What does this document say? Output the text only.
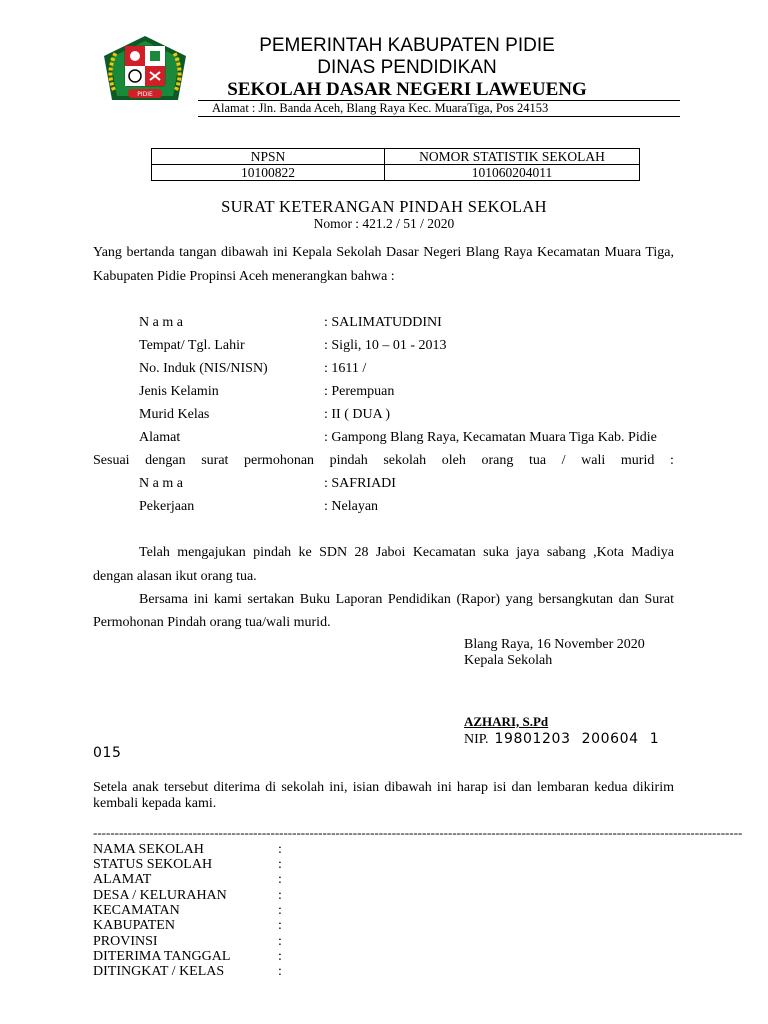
PIDIE
PEMERINTAH KABUPATEN PIDIE
DINAS PENDIDIKAN
SEKOLAH DASAR NEGERI LAWEUENG
Alamat : Jln. Banda Aceh, Blang Raya Kec. MuaraTiga, Pos 24153
NPSN	NOMOR STATISTIK SEKOLAH
10100822	101060204011
SURAT KETERANGAN PINDAH SEKOLAH
Nomor : 421.2 / 51 / 2020
Yang bertanda tangan dibawah ini Kepala Sekolah Dasar Negeri Blang Raya Kecamatan Muara Tiga,
Kabupaten Pidie Propinsi Aceh menerangkan bahwa :
N a m a	: SALIMATUDDINI
Tempat/ Tgl. Lahir	: Sigli, 10 – 01 - 2013
No. Induk (NIS/NISN)	: 1611 /
Jenis Kelamin	: Perempuan
Murid Kelas	: II ( DUA )
Alamat	: Gampong Blang Raya, Kecamatan Muara Tiga Kab. Pidie
Sesuai dengan surat permohonan pindah sekolah oleh orang tua / wali murid :
N a m a	: SAFRIADI
Pekerjaan	: Nelayan
Telah mengajukan pindah ke SDN 28 Jaboi Kecamatan suka jaya sabang ,Kota Madiya
dengan alasan ikut orang tua.
Bersama ini kami sertakan Buku Laporan Pendidikan (Rapor) yang bersangkutan dan Surat
Permohonan Pindah orang tua/wali murid.
Blang Raya, 16 November 2020
Kepala Sekolah
AZHARI, S.Pd
NIP. 19801203 200604 1
015
Setela anak tersebut diterima di sekolah ini, isian dibawah ini harap isi dan lembaran kedua dikirim
kembali kepada kami.
------------------------------------------------------------------------------------------------------------------------------------------------------
NAMA SEKOLAH	:
STATUS SEKOLAH	:
ALAMAT	:
DESA / KELURAHAN	:
KECAMATAN	:
KABUPATEN	:
PROVINSI	:
DITERIMA TANGGAL	:
DITINGKAT / KELAS	:
